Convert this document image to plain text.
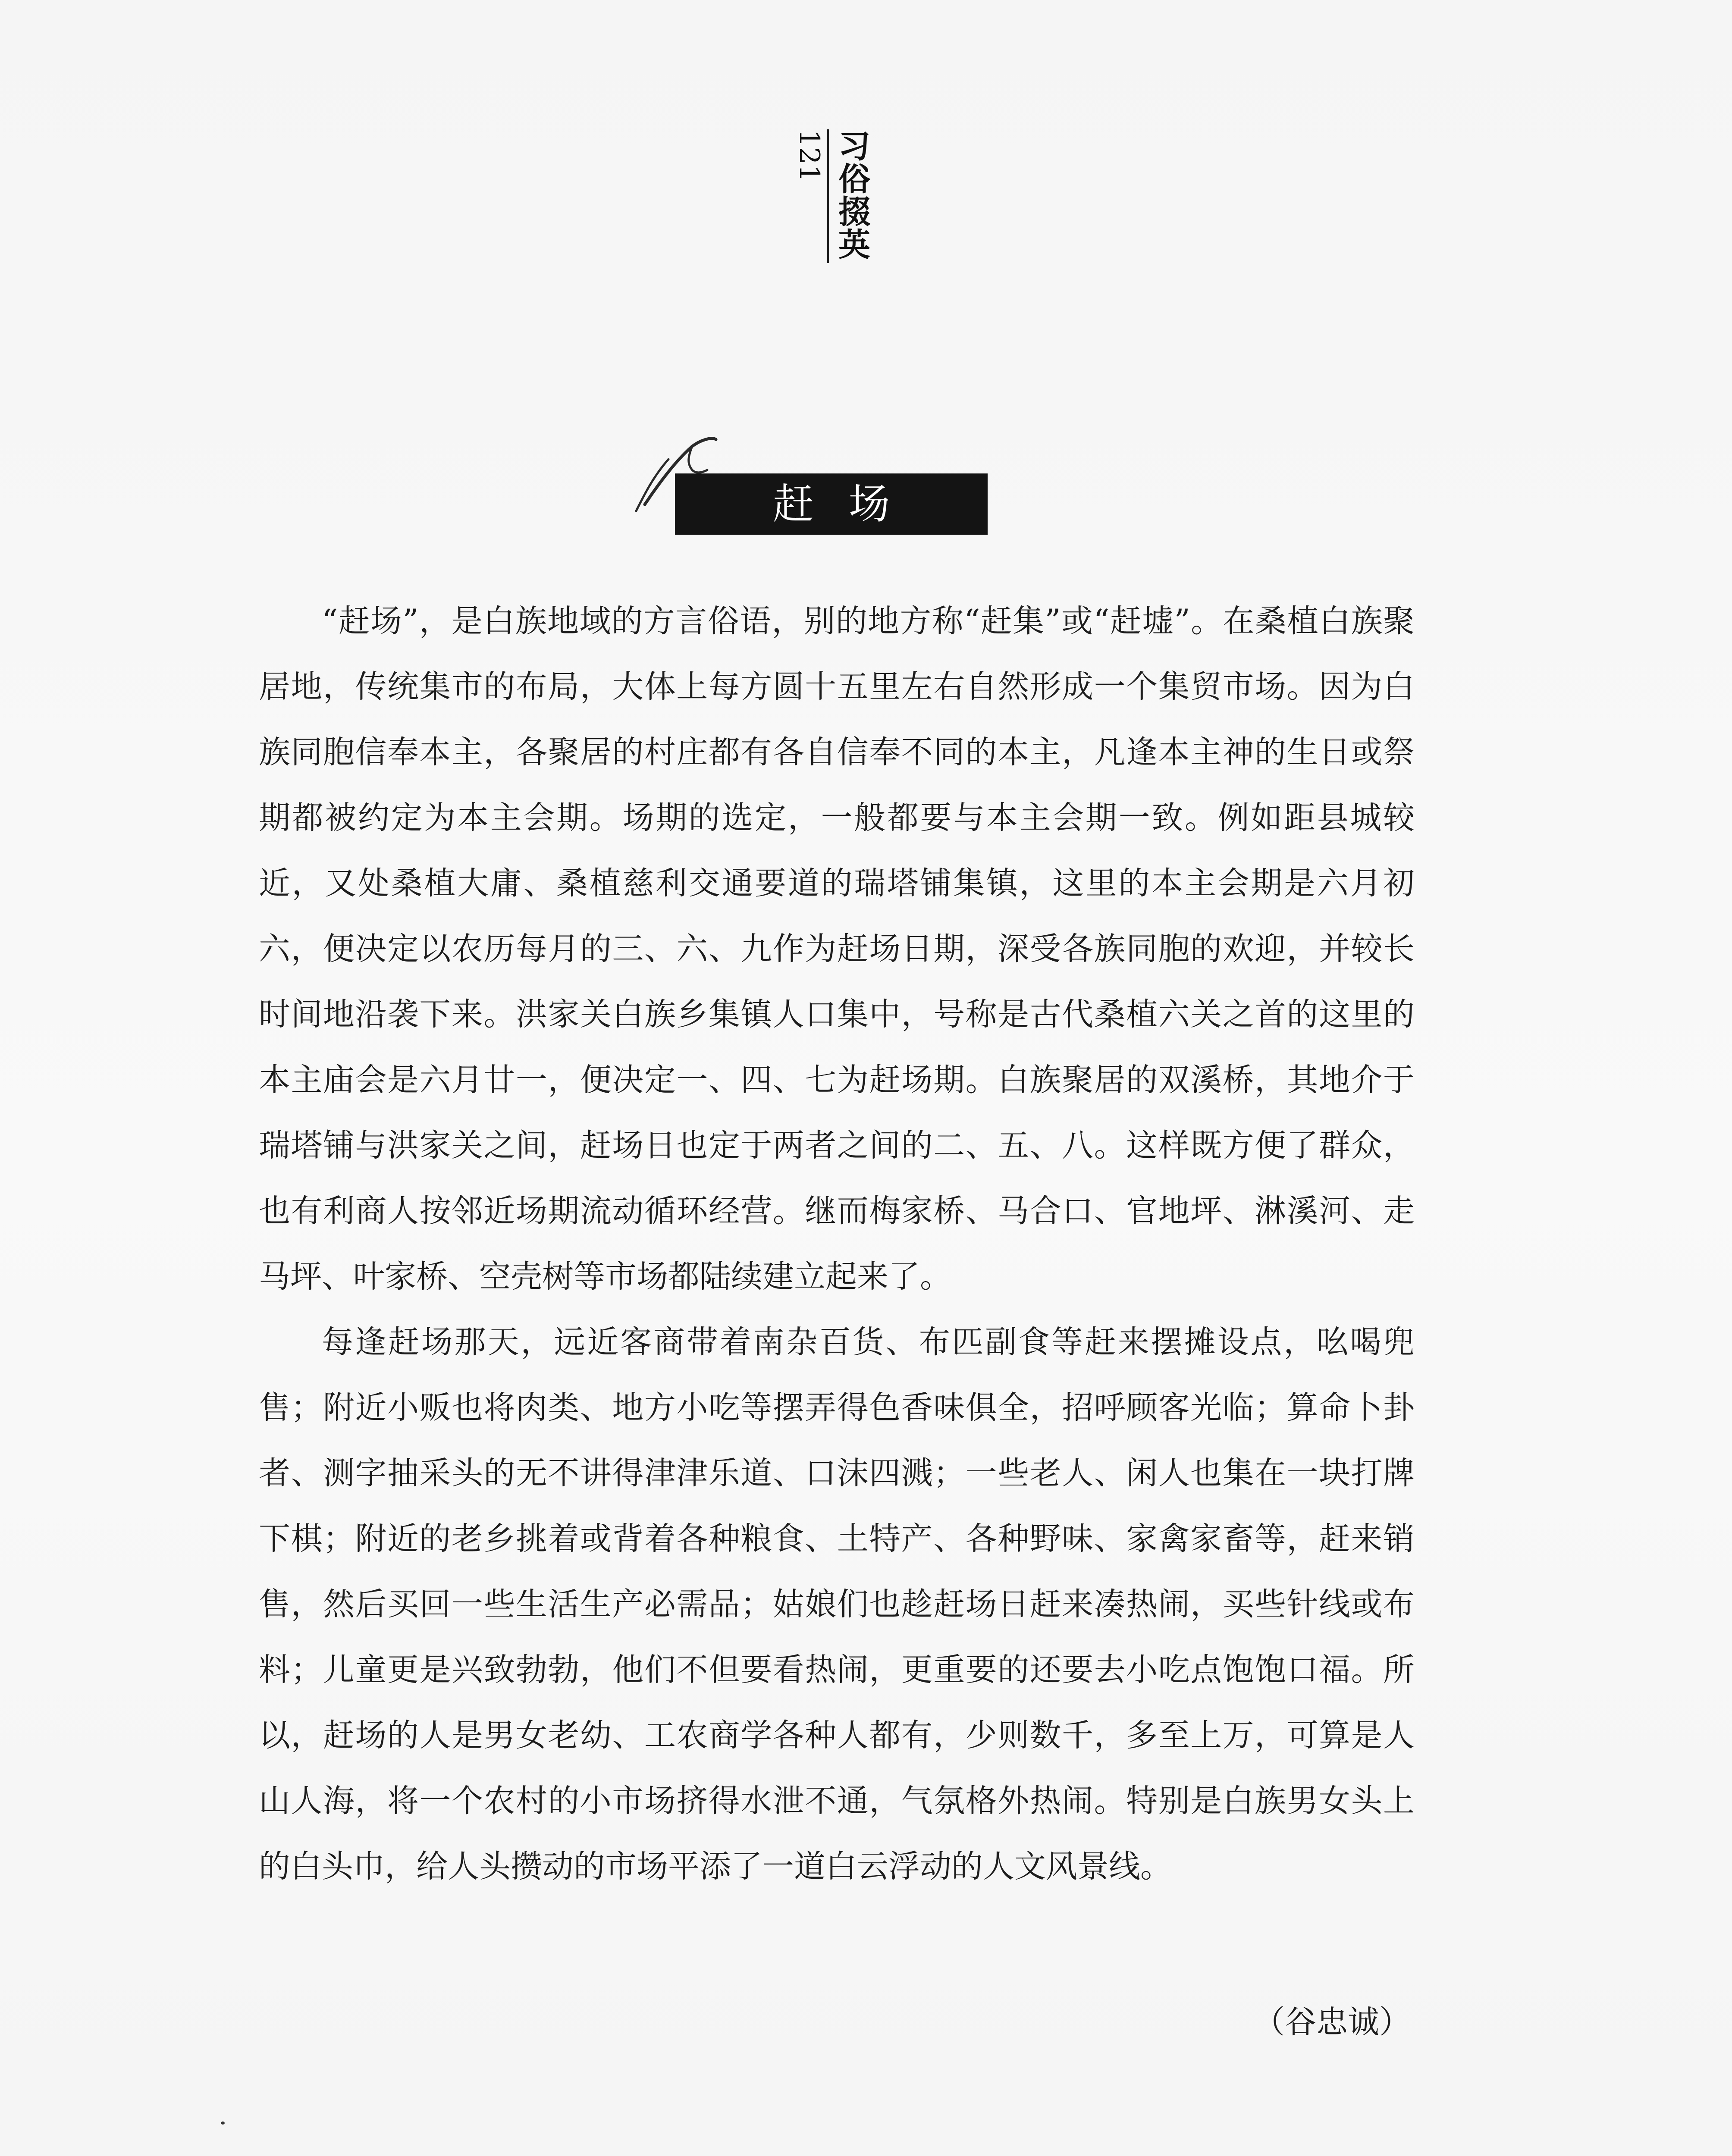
121 习俗掇英
赶场

“赶场”，是白族地域的方言俗语，别的地方称“赶集”或“赶墟”。在桑植白族聚居地，传统集市的布局，大体上每方圆十五里左右自然形成一个集贸市场。因为白族同胞信奉本主，各聚居的村庄都有各自信奉不同的本主，凡逢本主神的生日或祭期都被约定为本主会期。场期的选定，一般都要与本主会期一致。例如距县城较近，又处桑植大庸、桑植慈利交通要道的瑞塔铺集镇，这里的本主会期是六月初六，便决定以农历每月的三、六、九作为赶场日期，深受各族同胞的欢迎，并较长时间地沿袭下来。洪家关白族乡集镇人口集中，号称是古代桑植六关之首的这里的本主庙会是六月廿一，便决定一、四、七为赶场期。白族聚居的双溪桥，其地介于瑞塔铺与洪家关之间，赶场日也定于两者之间的二、五、八。这样既方便了群众，也有利商人按邻近场期流动循环经营。继而梅家桥、马合口、官地坪、淋溪河、走马坪、叶家桥、空壳树等市场都陆续建立起来了。

每逢赶场那天，远近客商带着南杂百货、布匹副食等赶来摆摊设点，吆喝兜售；附近小贩也将肉类、地方小吃等摆弄得色香味俱全，招呼顾客光临；算命卜卦者、测字抽采头的无不讲得津津乐道、口沫四溅；一些老人、闲人也集在一块打牌下棋；附近的老乡挑着或背着各种粮食、土特产、各种野味、家禽家畜等，赶来销售，然后买回一些生活生产必需品；姑娘们也趁赶场日赶来凑热闹，买些针线或布料；儿童更是兴致勃勃，他们不但要看热闹，更重要的还要去小吃点饱饱口福。所以，赶场的人是男女老幼、工农商学各种人都有，少则数千，多至上万，可算是人山人海，将一个农村的小市场挤得水泄不通，气氛格外热闹。特别是白族男女头上的白头巾，给人头攒动的市场平添了一道白云浮动的人文风景线。

（谷忠诚）
